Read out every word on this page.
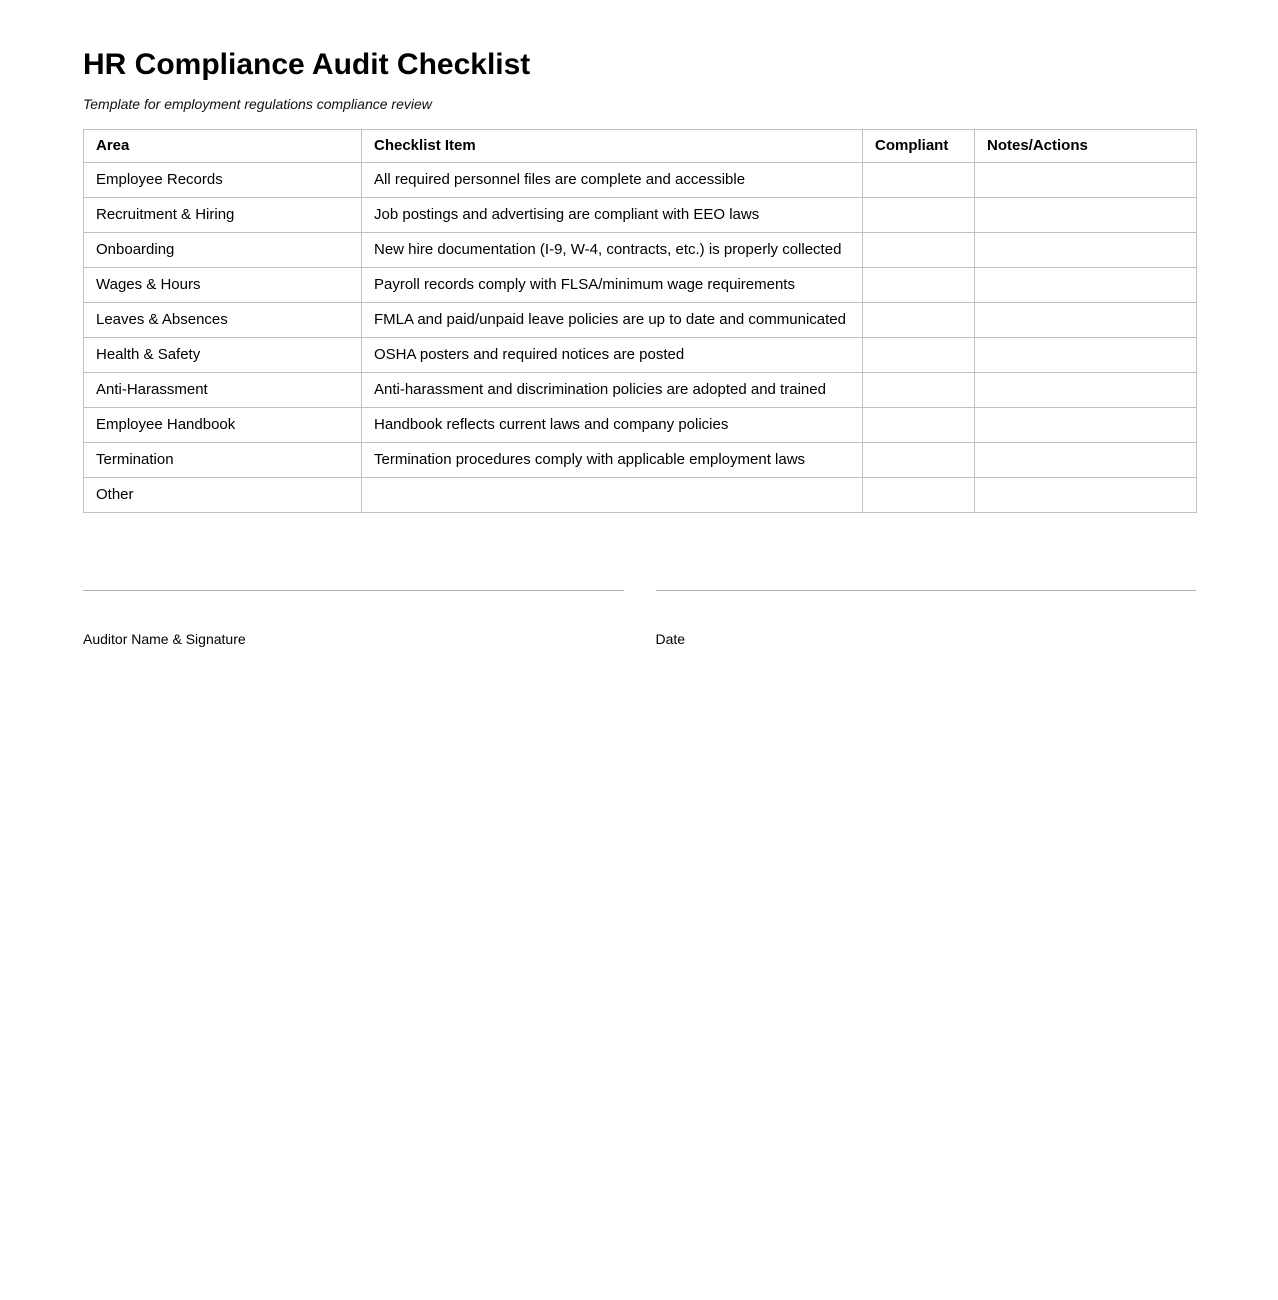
HR Compliance Audit Checklist

Template for employment regulations compliance review

Area	Checklist Item	Compliant	Notes/Actions
Employee Records	All required personnel files are complete and accessible		
Recruitment & Hiring	Job postings and advertising are compliant with EEO laws		
Onboarding	New hire documentation (I-9, W-4, contracts, etc.) is properly collected		
Wages & Hours	Payroll records comply with FLSA/minimum wage requirements		
Leaves & Absences	FMLA and paid/unpaid leave policies are up to date and communicated		
Health & Safety	OSHA posters and required notices are posted		
Anti-Harassment	Anti-harassment and discrimination policies are adopted and trained		
Employee Handbook	Handbook reflects current laws and company policies		
Termination	Termination procedures comply with applicable employment laws		
Other			
Auditor Name & Signature	Date
